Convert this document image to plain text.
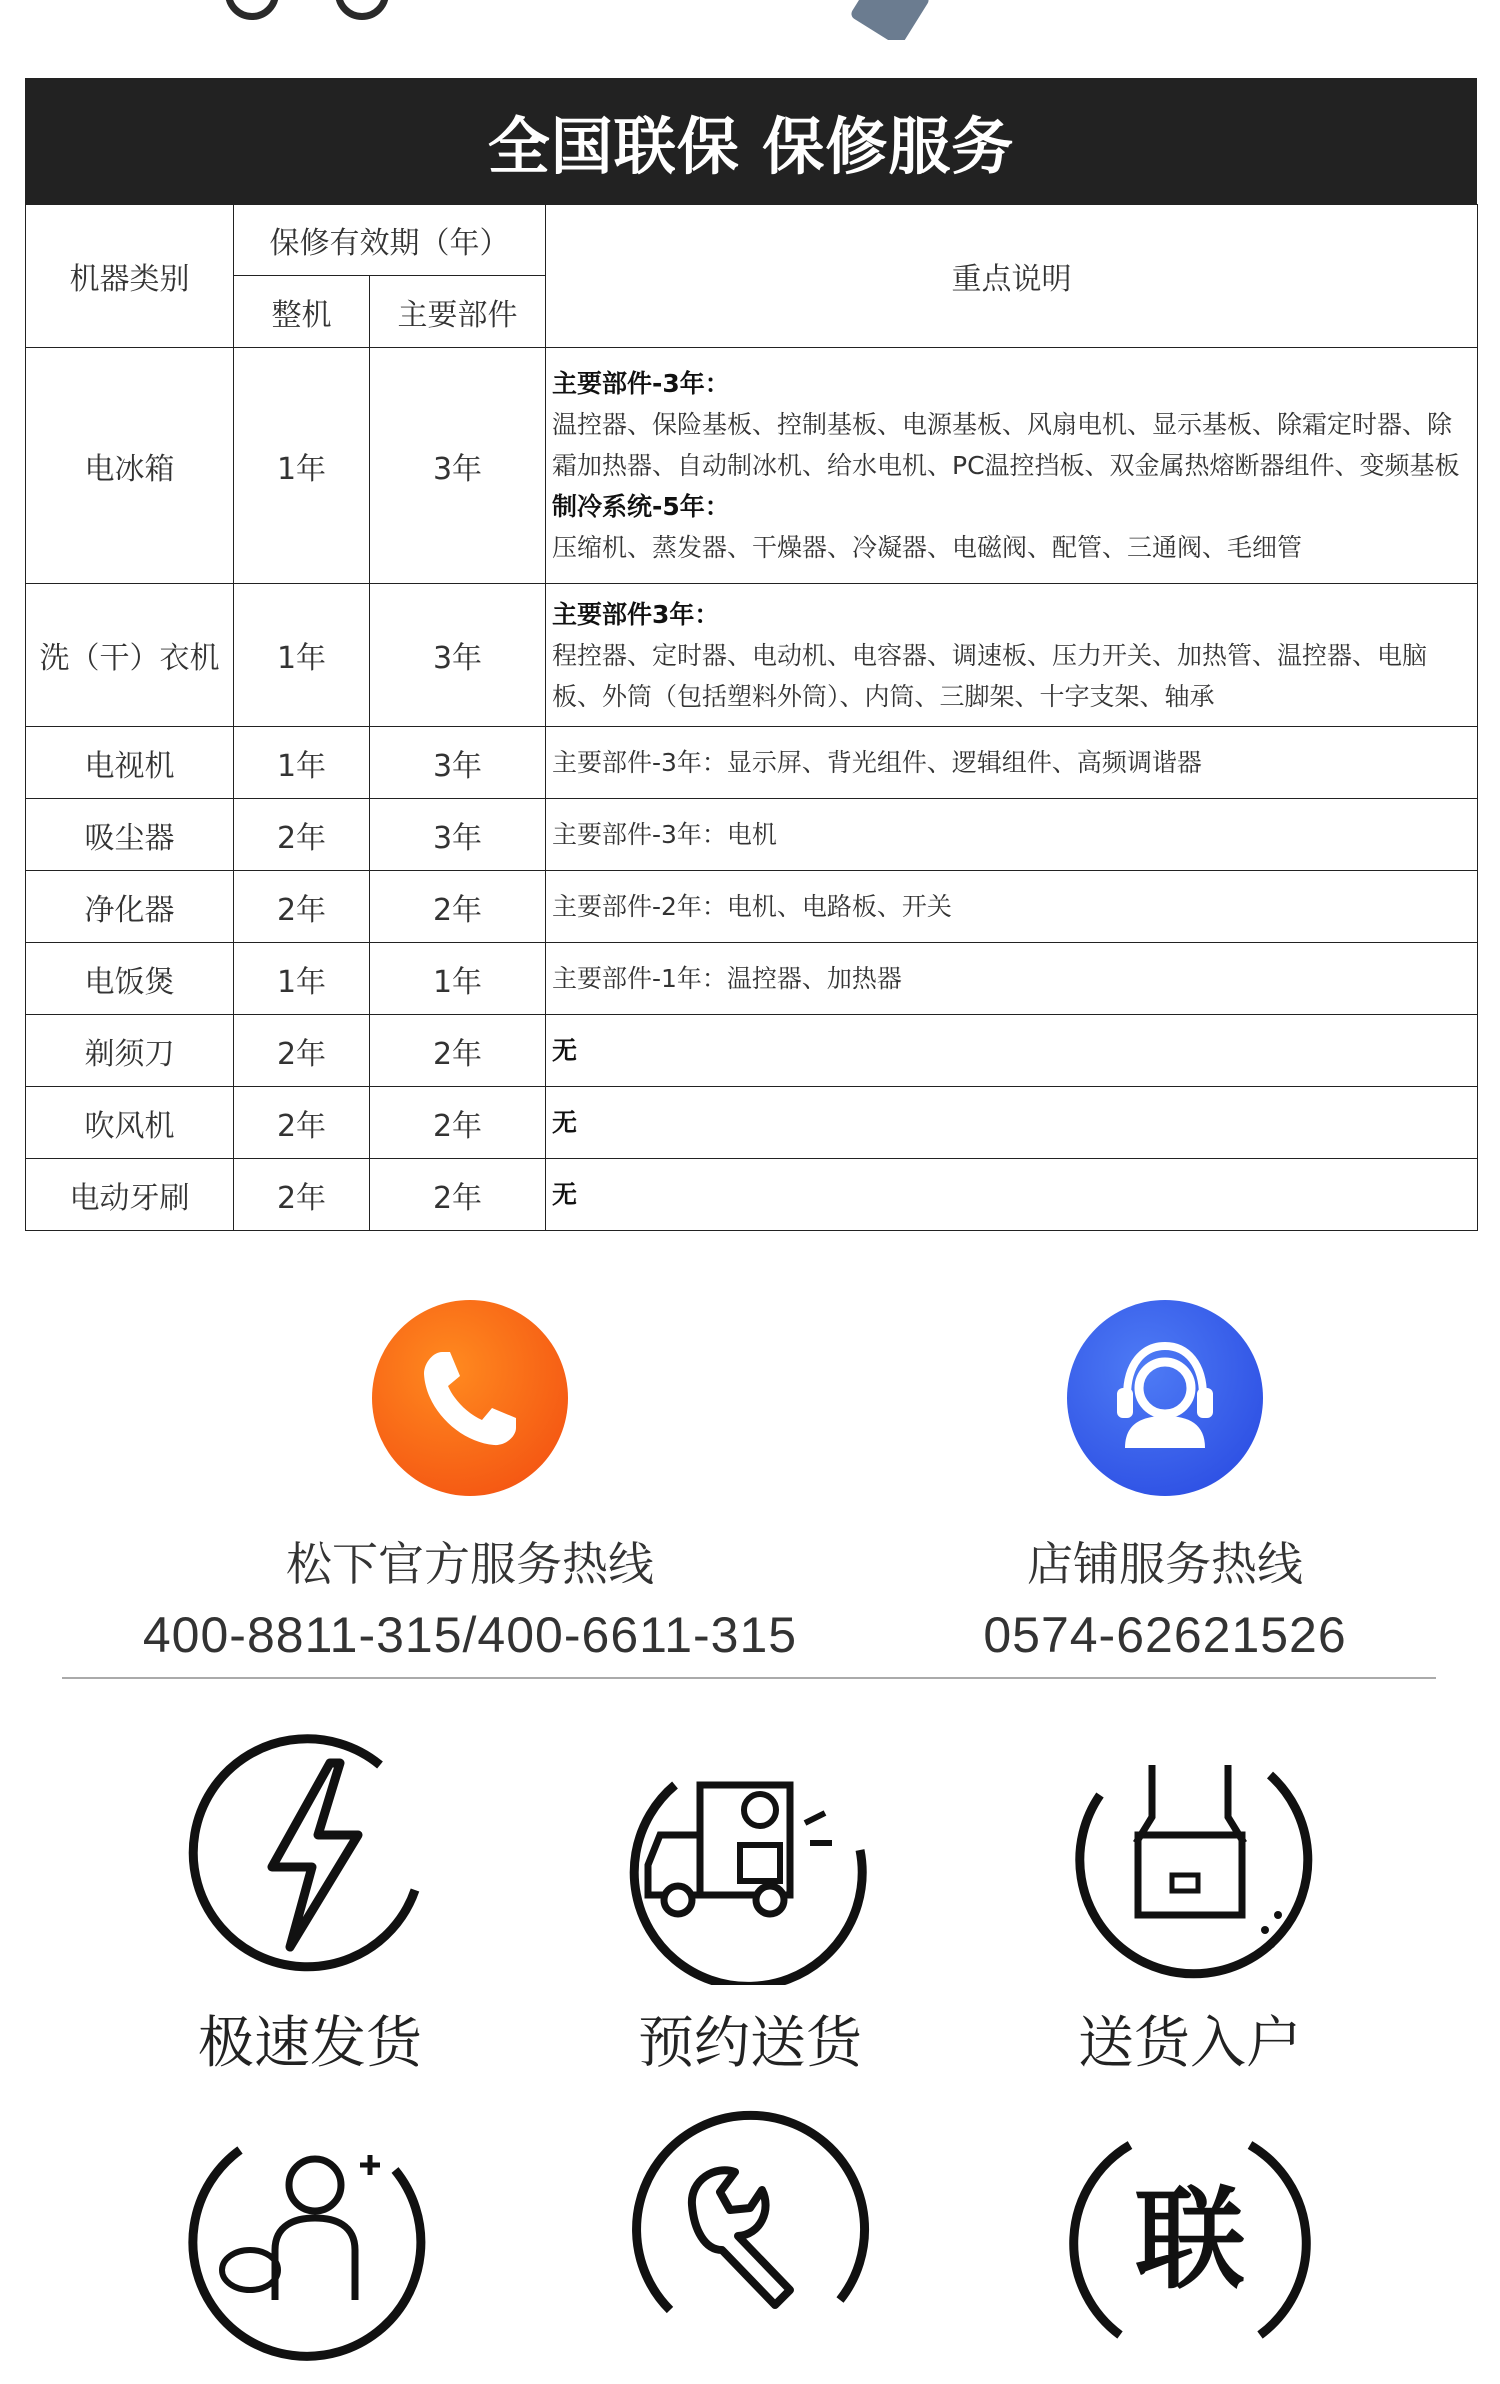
全国联保 保修服务
机器类别	保修有效期（年）		重点说明
	整机	主要部件	
电冰箱	1年	3年	主要部件-3年：
温控器、保险基板、控制基板、电源基板、风扇电机、显示基板、除霜定时器、除霜加热器、自动制冰机、给水电机、PC温控挡板、双金属热熔断器组件、变频基板
制冷系统-5年：
压缩机、蒸发器、干燥器、冷凝器、电磁阀、配管、三通阀、毛细管

洗（干）衣机	1年	3年	主要部件3年：
程控器、定时器、电动机、电容器、调速板、压力开关、加热管、温控器、电脑板、外筒（包括塑料外筒）、内筒、三脚架、十字支架、轴承

电视机	1年	3年	主要部件-3年：显示屏、背光组件、逻辑组件、高频调谐器

吸尘器	2年	3年	主要部件-3年：电机

净化器	2年	2年	主要部件-2年：电机、电路板、开关

电饭煲	1年	1年	主要部件-1年：温控器、加热器

剃须刀	2年	2年	无

吹风机	2年	2年	无

电动牙刷	2年	2年	无
松下官方服务热线
400-8811-315/400-6611-315
店铺服务热线
0574-62621526
极速发货	预约送货	送货入户
联
